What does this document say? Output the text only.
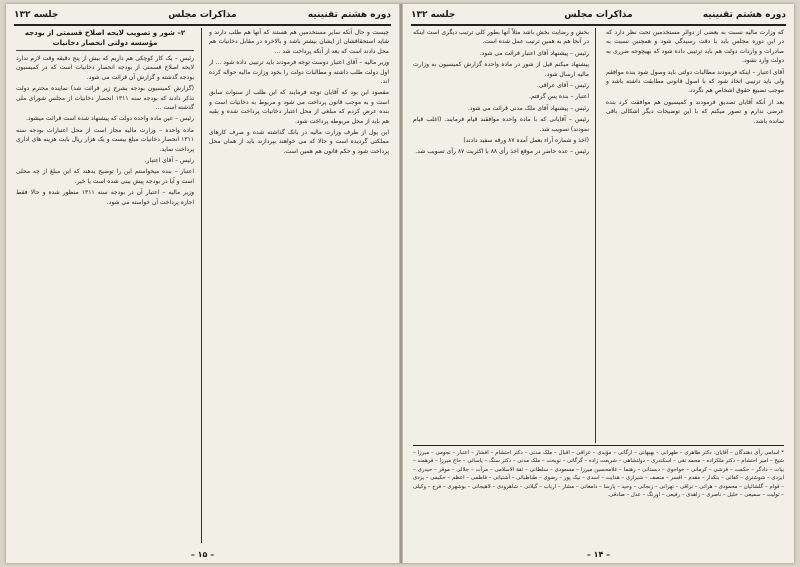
دوره هشتم تقنینیه
مذاکرات مجلس
جلسه ۱۳۲

چیست و حال آنکه سایر مستخدمین هم هستند که آنها هم طلب دارند و شاید استحقاقشان از ایشان بیشتر باشد و بالاخره در مقابل دخانیات هم محل دادند است که بعد از آنکه پرداخت شد ...

وزیر مالیه – آقای اعتبار دوست توجه فرمودند باید ترتیبی داده شود ... از اول دولت طلب داشته و مطالبات دولت را بخود وزارت مالیه حواله کرده اند.

مقصود این بود که آقایان توجه فرمایند که این طلب از سنوات سابق است و به موجب قانون پرداخت می شود و مربوط به دخانیات است و بنده عرض کردم که مبلغی از محل اعتبار دخانیات پرداخت شده و بقیه هم باید از محل مربوطه پرداخت شود.

این پول از طرف وزارت مالیه در بانک گذاشته شده و صرف کارهای مملکتی گردیده است و حالا که می خواهند بپردازند باید از همان محل پرداخت شود و حکم قانون هم همین است.

۲– شور و تصویب لایحه اصلاح قسمتی از بودجه مؤسسه دولتی انحصار دخانیات

رئیس – یک کار کوچکی هم داریم که بیش از پنج دقیقه وقت لازم ندارد لایحه اصلاح قسمتی از بودجه انحصار دخانیات است که در کمیسیون بودجه گذشته و گزارش آن قرائت می شود.

(گزارش کمیسیون بودجه بشرح زیر قرائت شد) نماینده محترم دولت تذکر دادند که بودجه سنه ۱۳۱۱ انحصار دخانیات از مجلس شورای ملی گذشته است ...

رئیس – عین ماده واحده دولت که پیشنهاد شده است قرائت میشود.

ماده واحده – وزارت مالیه مجاز است از محل اعتبارات بودجه سنه ۱۳۱۱ انحصار دخانیات مبلغ بیست و یک هزار ریال بابت هزینه های اداری پرداخت نماید.

رئیس – آقای اعتبار.

اعتبار – بنده میخواستم این را توضیح بدهند که این مبلغ از چه محلی است و آیا در بودجه پیش بینی شده است یا خیر.

وزیر مالیه – اعتبار آن در بودجه سنه ۱۳۱۱ منظور شده و حالا فقط اجازه پرداخت آن خواسته می شود.

– ۱۵ –
دوره هشتم تقنینیه
مذاکرات مجلس
جلسه ۱۳۲

که وزارت مالیه نسبت به بعضی از دوائر مستخدمین تحت نظر دارد که در این دوره مجلس باید با دقت رسیدگی شود و همچنین نسبت به صادرات و واردات دولت هم باید ترتیبی داده شود که بهیچوجه ضرری به دولت وارد نشود.

آقای اعتبار – اینکه فرمودند مطالبات دولتی باید وصول شود بنده موافقم ولی باید ترتیبی اتخاذ شود که با اصول قانونی مطابقت داشته باشد و موجب تضییع حقوق اشخاص هم نگردد.

بعد از آنکه آقایان تصدیق فرمودند و کمیسیون هم موافقت کرد بنده عرضی ندارم و تصور میکنم که با این توضیحات دیگر اشکالی باقی نمانده باشد.

بخش و رضایت بخش باشد مثلاً آنها بطور کلی ترتیب دیگری است اینکه در آنجا هم به همین ترتیب عمل شده است.

رئیس – پیشنهاد آقای اعتبار قرائت می شود.

پیشنهاد میکنم قبل از شور در ماده واحده گزارش کمیسیون به وزارت مالیه ارسال شود.

رئیس – آقای عراقی.

اعتبار – بنده پس گرفتم.

رئیس – پیشنهاد آقای ملک مدنی قرائت می شود.

رئیس – آقایانی که با ماده واحده موافقند قیام فرمایند. (اغلب قیام نمودند) تصویب شد.

(اخذ و شماره آراء بعمل آمده ۸۷ ورقه سفید دادند)

رئیس – عده حاضر در موقع اخذ رأی ۸۸ با اکثریت ۸۷ رأی تصویب شد.

* اسامی رأی دهندگان – آقایان: دکتر طاهری – طهرانی – بهبهانی – ارگانی – مؤیدی – عراقی – اقبال – ملک مدنی – دکتر احتشام – افشار – اعتبار – نجومی – میرزا – شیخ – امیر احتشام – دکتر ملکزاده – محمد تقی – اسکندری – دولتشاهی – شریعت زاده – گرگانی – نوبخت – ملک مدنی – دکتر سنگ – یاسائی – حاج میرزا – فرهمند – بیات – دادگر – حکمت – فرشی – کرمانی – خواجوی – دبستانی – رهنما – غلامحسین میرزا – مسعودی – سلطانی – ثقة الاسلامی – مرآت – جلالی – موقر – حیدری – ایزدی – شوشتری – کفائی – بنکدار – مقدم – افسر – منصف – شیرازی – هدایت – اسدی – نیک پور – رضوی – طباطبائی – آشتیانی – فاطمی – اعظم – حکیمی – یزدی – قوام – گلشائیان – محمودی – هراتی – نراقی – تهرانی – زنجانی – وحید – پارسا – دامغانی – مشار – ارباب – گیلانی – شاهرودی – لاهیجانی – بوشهری – فرخ – وکیلی – تولیت – سمیعی – خلیل – ناصری – زاهدی – رفیعی – اورنگ – عدل – صادقی.
– ۱۴ –
